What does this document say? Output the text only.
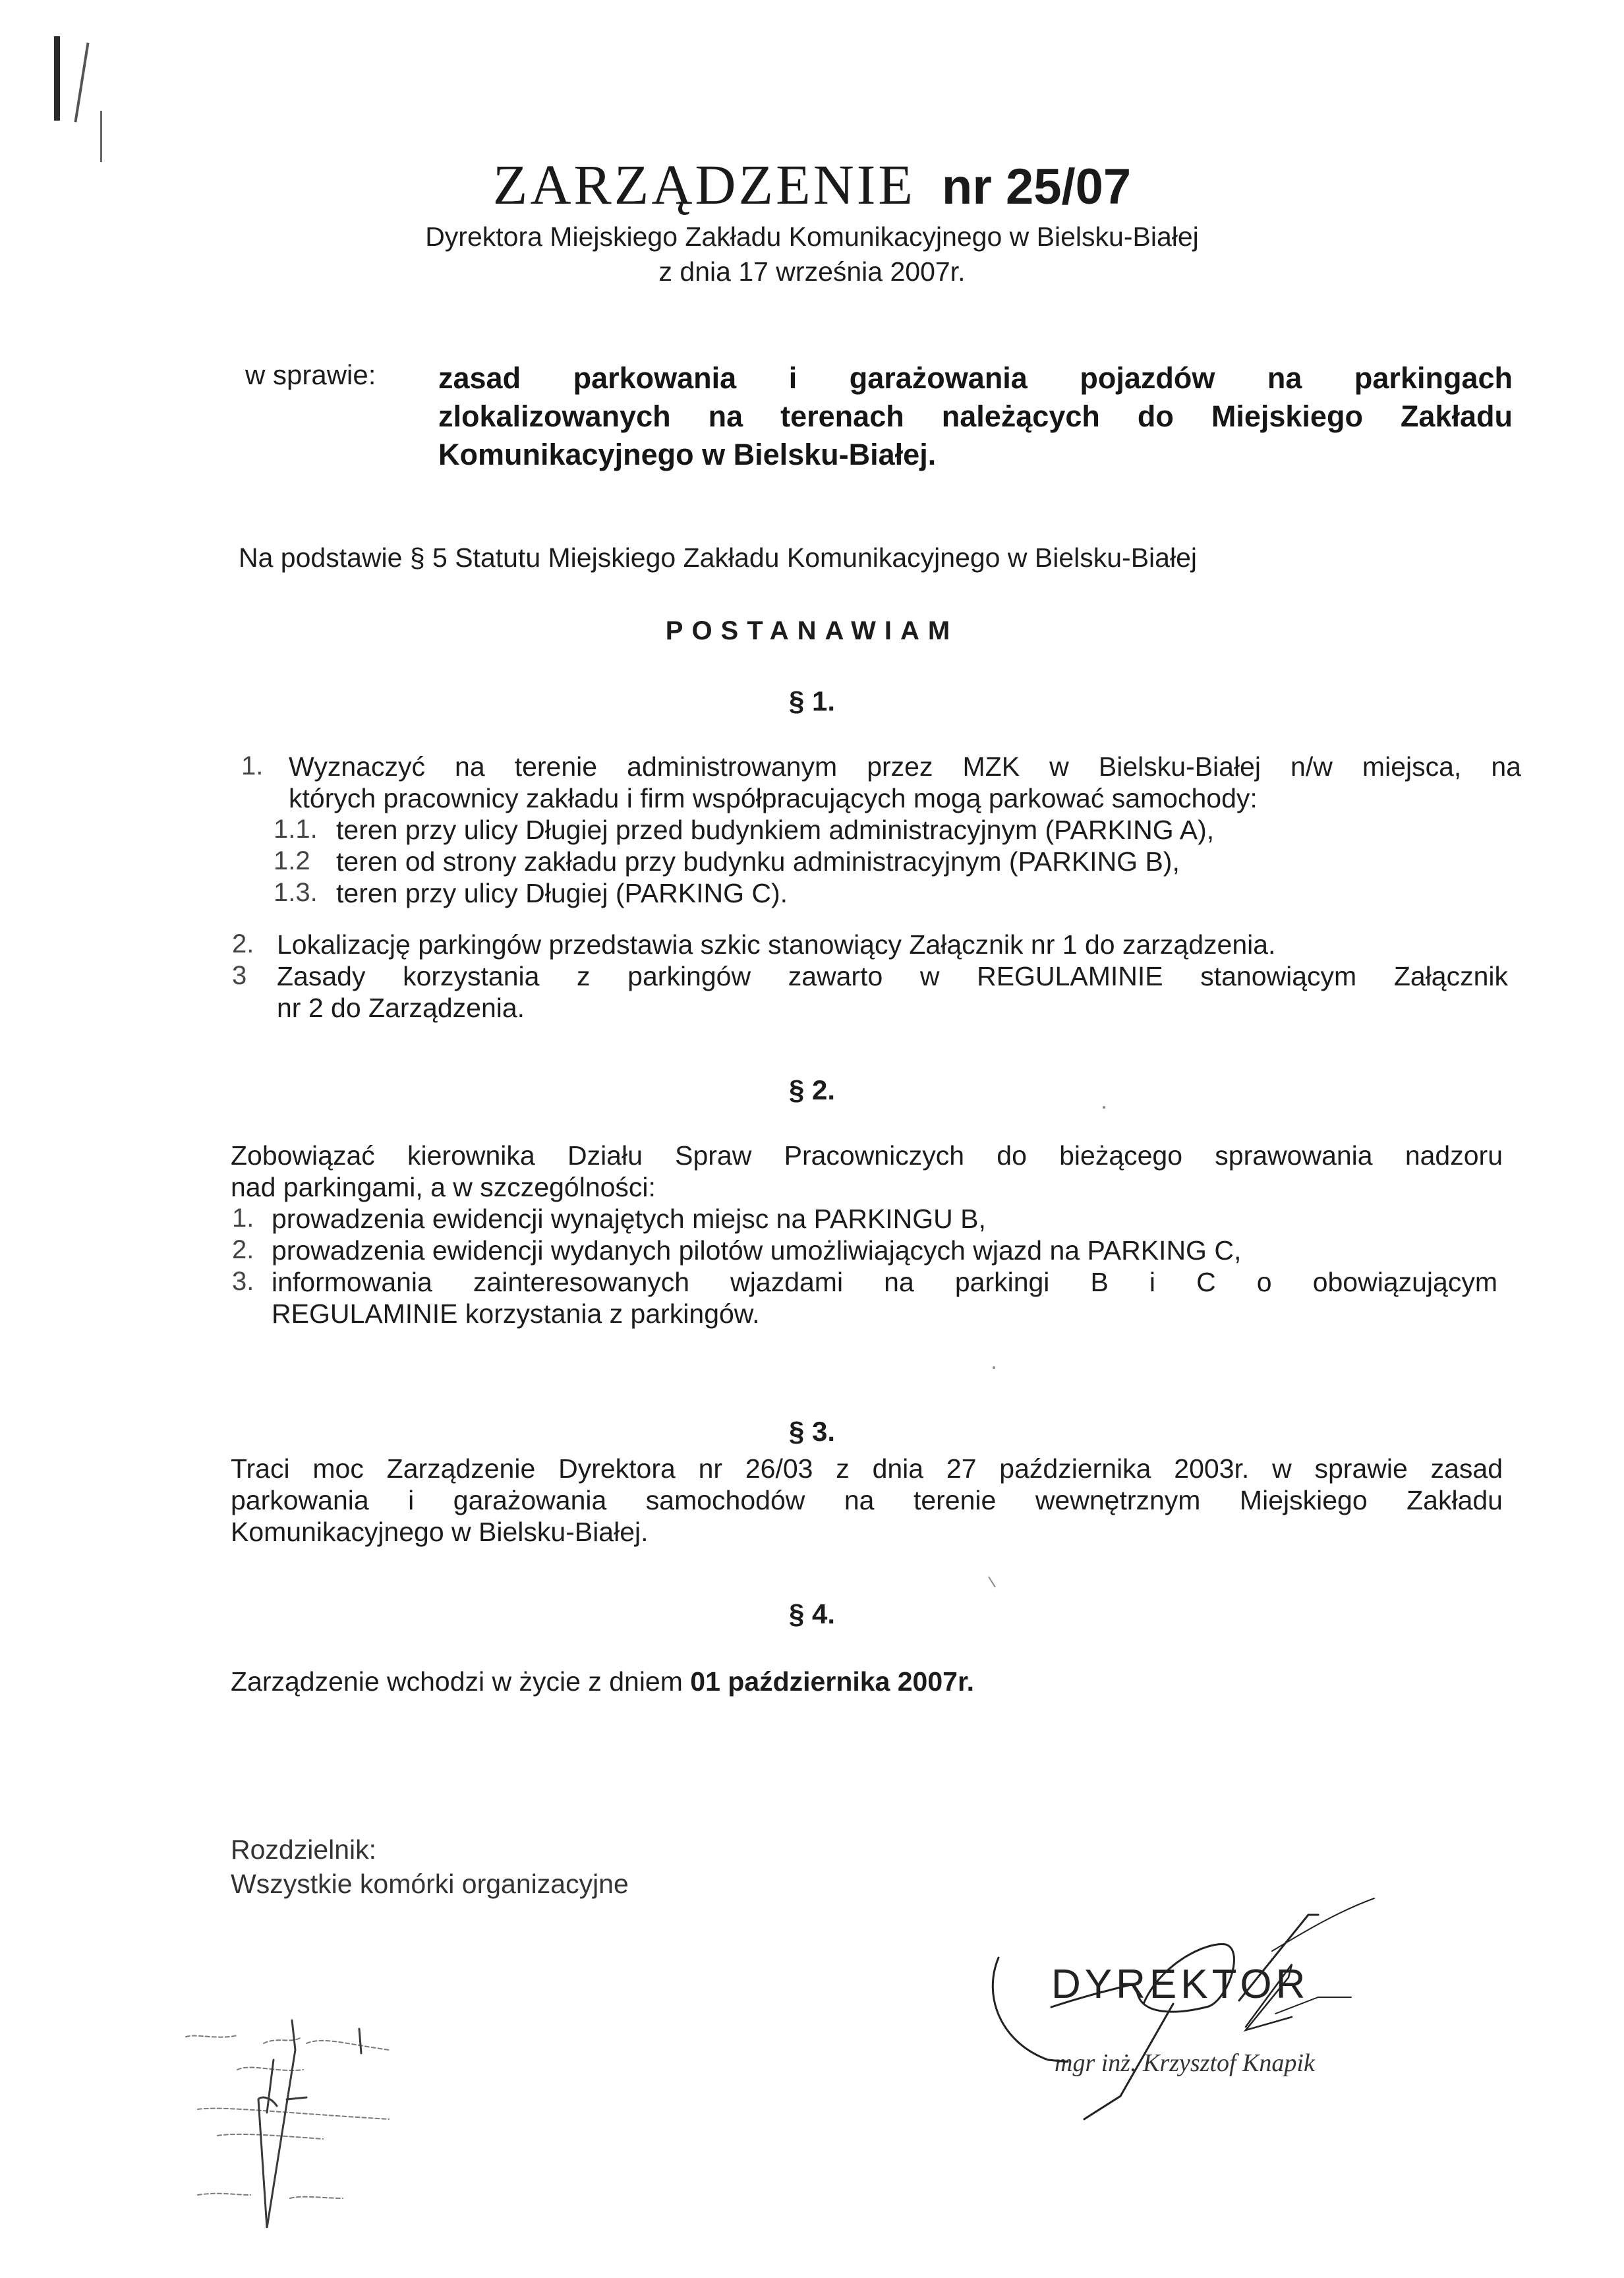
ZARZĄDZENIE nr 25/07
Dyrektora Miejskiego Zakładu Komunikacyjnego w Bielsku-Białej
z dnia 17 września 2007r.
w sprawie: zasad parkowania i garażowania pojazdów na parkingach
zlokalizowanych na terenach należących do Miejskiego Zakładu
Komunikacyjnego w Bielsku-Białej.
Na podstawie § 5 Statutu Miejskiego Zakładu Komunikacyjnego w Bielsku-Białej
POSTANAWIAM
§ 1.
1. Wyznaczyć na terenie administrowanym przez MZK w Bielsku-Białej n/w miejsca, na
których pracownicy zakładu i firm współpracujących mogą parkować samochody:
1.1. teren przy ulicy Długiej przed budynkiem administracyjnym (PARKING A),
1.2 teren od strony zakładu przy budynku administracyjnym (PARKING B),
1.3. teren przy ulicy Długiej (PARKING C).
2. Lokalizację parkingów przedstawia szkic stanowiący Załącznik nr 1 do zarządzenia.
3 Zasady korzystania z parkingów zawarto w REGULAMINIE stanowiącym Załącznik
nr 2 do Zarządzenia.
§ 2.
Zobowiązać kierownika Działu Spraw Pracowniczych do bieżącego sprawowania nadzoru
nad parkingami, a w szczególności:
1. prowadzenia ewidencji wynajętych miejsc na PARKINGU B,
2. prowadzenia ewidencji wydanych pilotów umożliwiających wjazd na PARKING C,
3. informowania zainteresowanych wjazdami na parkingi B i C o obowiązującym
REGULAMINIE korzystania z parkingów.
§ 3.
Traci moc Zarządzenie Dyrektora nr 26/03 z dnia 27 października 2003r. w sprawie zasad
parkowania i garażowania samochodów na terenie wewnętrznym Miejskiego Zakładu
Komunikacyjnego w Bielsku-Białej.
§ 4.
Zarządzenie wchodzi w życie z dniem 01 października 2007r.
Rozdzielnik:
Wszystkie komórki organizacyjne
DYREKTOR
mgr inż. Krzysztof Knapik
